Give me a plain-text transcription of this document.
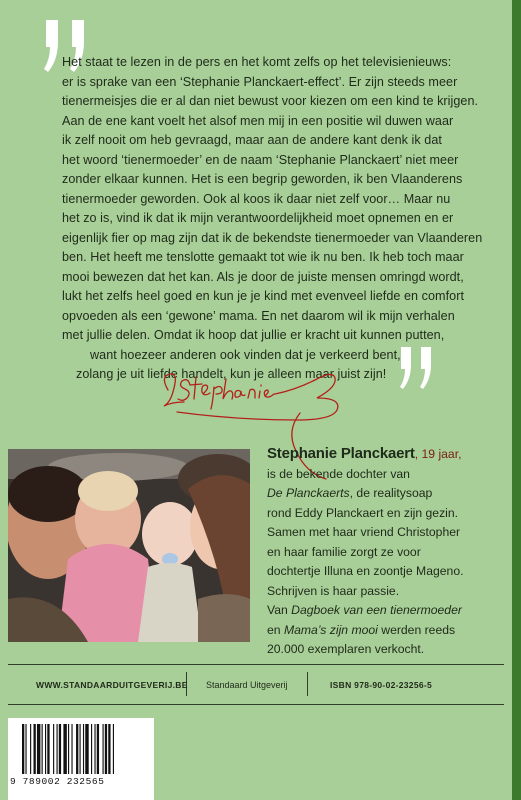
Het staat te lezen in de pers en het komt zelfs op het televisienieuws:
er is sprake van een ‘Stephanie Planckaert-effect’. Er zijn steeds meer
tienermeisjes die er al dan niet bewust voor kiezen om een kind te krijgen.
Aan de ene kant voelt het alsof men mij in een positie wil duwen waar
ik zelf nooit om heb gevraagd, maar aan de andere kant denk ik dat
het woord ‘tienermoeder’ en de naam ‘Stephanie Planckaert’ niet meer
zonder elkaar kunnen. Het is een begrip geworden, ik ben Vlaanderens
tienermoeder geworden. Ook al koos ik daar niet zelf voor… Maar nu
het zo is, vind ik dat ik mijn verantwoordelijkheid moet opnemen en er
eigenlijk fier op mag zijn dat ik de bekendste tienermoeder van Vlaanderen
ben. Het heeft me tenslotte gemaakt tot wie ik nu ben. Ik heb toch maar
mooi bewezen dat het kan. Als je door de juiste mensen omringd wordt,
lukt het zelfs heel goed en kun je je kind met evenveel liefde en comfort
opvoeden als een ‘gewone’ mama. En net daarom wil ik mijn verhalen
met jullie delen. Omdat ik hoop dat jullie er kracht uit kunnen putten,
want hoezeer anderen ook vinden dat je verkeerd bent,
zolang je uit liefde handelt, kun je alleen maar juist zijn!
Stephanie Planckaert, 19 jaar,
is de bekende dochter van
De Planckaerts, de realitysoap
rond Eddy Planckaert en zijn gezin.
Samen met haar vriend Christopher
en haar familie zorgt ze voor
dochtertje Illuna en zoontje Mageno.
Schrijven is haar passie.
Van Dagboek van een tienermoeder
en Mama’s zijn mooi werden reeds
20.000 exemplaren verkocht.
WWW.STANDAARDUITGEVERIJ.BE Standaard Uitgeverij	ISBN 978-90-02-23256-5
9 789002 232565
